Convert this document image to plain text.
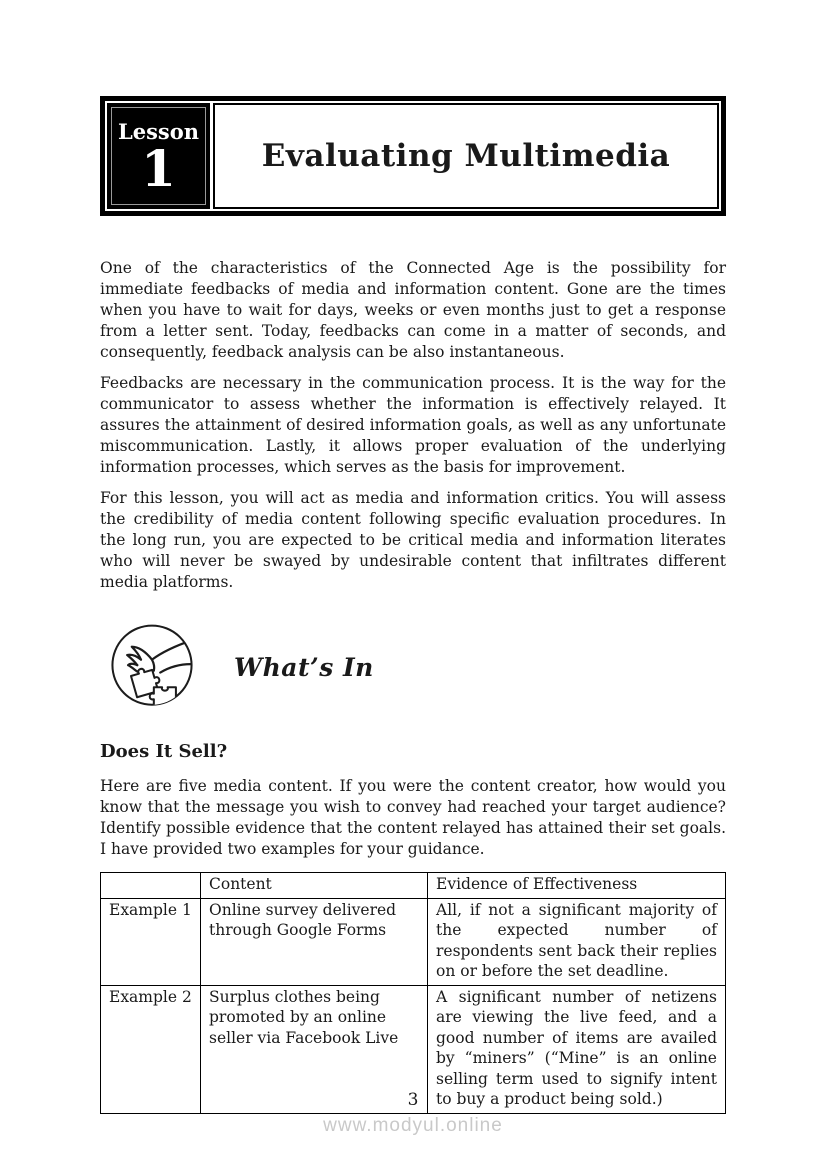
Lesson
1	Evaluating Multimedia

One of the characteristics of the Connected Age is the possibility for immediate feedbacks of media and information content. Gone are the times when you have to wait for days, weeks or even months just to get a response from a letter sent. Today, feedbacks can come in a matter of seconds, and consequently, feedback analysis can be also instantaneous.

Feedbacks are necessary in the communication process. It is the way for the communicator to assess whether the information is effectively relayed. It assures the attainment of desired information goals, as well as any unfortunate miscommunication. Lastly, it allows proper evaluation of the underlying information processes, which serves as the basis for improvement.

For this lesson, you will act as media and information critics. You will assess the credibility of media content following specific evaluation procedures. In the long run, you are expected to be critical media and information literates who will never be swayed by undesirable content that infiltrates different media platforms.

What’s In
Does It Sell?

Here are five media content. If you were the content creator, how would you know that the message you wish to convey had reached your target audience? Identify possible evidence that the content relayed has attained their set goals. I have provided two examples for your guidance.

	Content	Evidence of Effectiveness
Example 1	Online survey delivered through Google Forms	All, if not a significant majority of the expected number of respondents sent back their replies on or before the set deadline.
Example 2	Surplus clothes being promoted by an online seller via Facebook Live	A significant number of netizens are viewing the live feed, and a good number of items are availed by “miners” (“Mine” is an online selling term used to signify intent to buy a product being sold.)
3
www.modyul.online
